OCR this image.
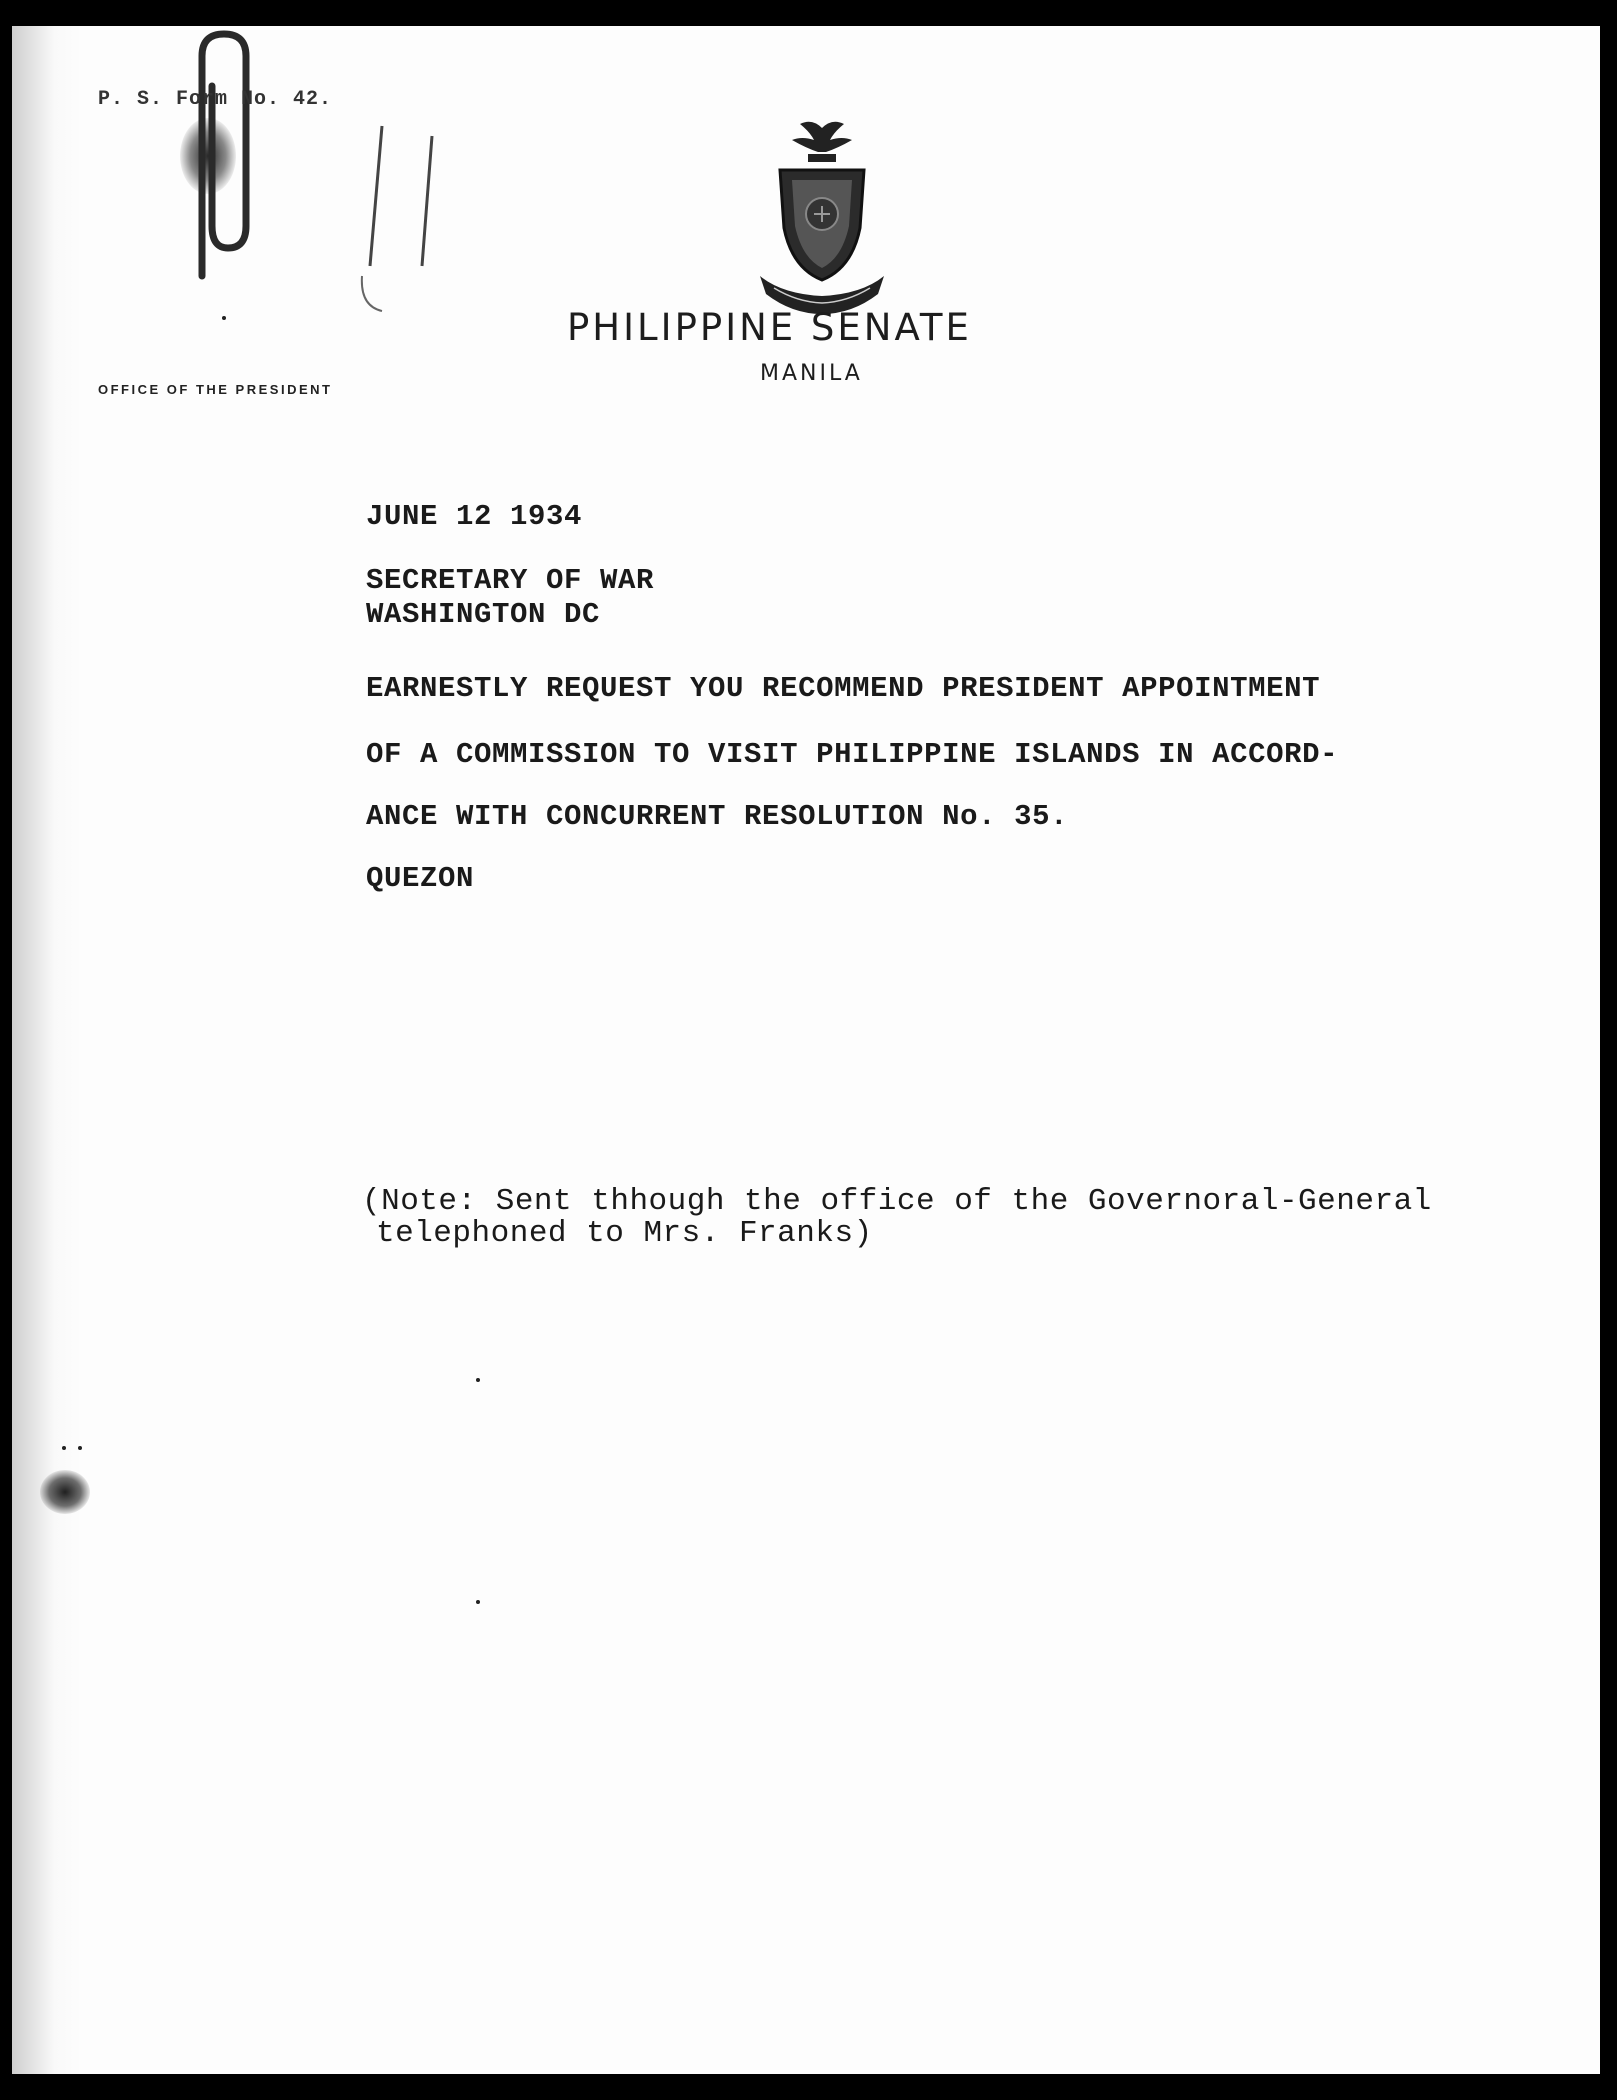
P. S. Form No. 42.
PHILIPPINE SENATE
MANILA
OFFICE OF THE PRESIDENT
JUNE 12 1934
SECRETARY OF WAR
WASHINGTON DC
EARNESTLY REQUEST YOU RECOMMEND PRESIDENT APPOINTMENT
OF A COMMISSION TO VISIT PHILIPPINE ISLANDS IN ACCORD-
ANCE WITH CONCURRENT RESOLUTION No. 35.
QUEZON
(Note: Sent thhough the office of the Governoral-General
telephoned to Mrs. Franks)
